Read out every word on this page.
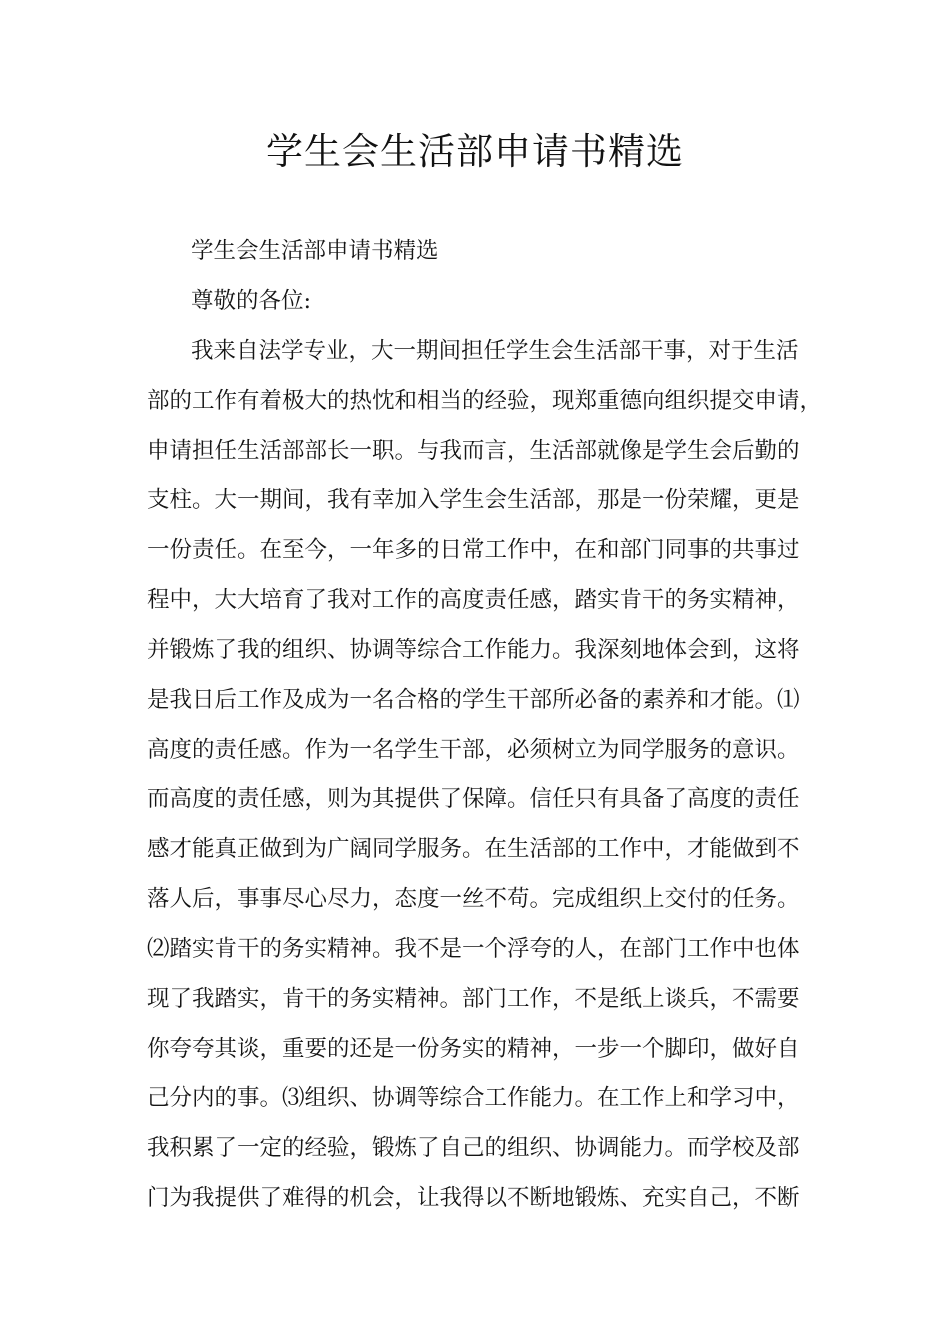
学生会生活部申请书精选

学生会生活部申请书精选

尊敬的各位:

我来自法学专业，大一期间担任学生会生活部干事，对于生活

部的工作有着极大的热忱和相当的经验，现郑重德向组织提交申请，

申请担任生活部部长一职。与我而言，生活部就像是学生会后勤的

支柱。大一期间，我有幸加入学生会生活部，那是一份荣耀，更是

一份责任。在至今，一年多的日常工作中，在和部门同事的共事过

程中，大大培育了我对工作的高度责任感，踏实肯干的务实精神，

并锻炼了我的组织、协调等综合工作能力。我深刻地体会到，这将

是我日后工作及成为一名合格的学生干部所必备的素养和才能。⑴

高度的责任感。作为一名学生干部，必须树立为同学服务的意识。

而高度的责任感，则为其提供了保障。信任只有具备了高度的责任

感才能真正做到为广阔同学服务。在生活部的工作中，才能做到不

落人后，事事尽心尽力，态度一丝不苟。完成组织上交付的任务。

⑵踏实肯干的务实精神。我不是一个浮夸的人，在部门工作中也体

现了我踏实，肯干的务实精神。部门工作，不是纸上谈兵，不需要

你夸夸其谈，重要的还是一份务实的精神，一步一个脚印，做好自

己分内的事。⑶组织、协调等综合工作能力。在工作上和学习中，

我积累了一定的经验，锻炼了自己的组织、协调能力。而学校及部

门为我提供了难得的机会，让我得以不断地锻炼、充实自己，不断
